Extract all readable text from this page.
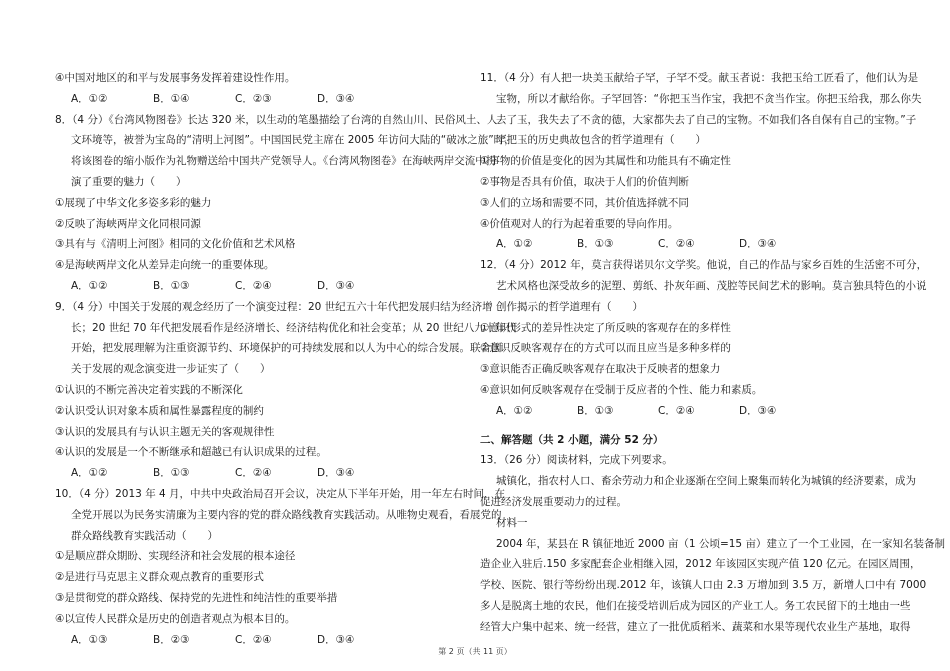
④中国对地区的和平与发展事务发挥着建设性作用。
A．①②	B．①④	C．②③	D．③④
8．（4 分）《台湾风物图卷》长达 320 米，以生动的笔墨描绘了台湾的自然山川、民俗风土、人
文环境等，被誉为宝岛的“清明上河图”。中国国民党主席在 2005 年访问大陆的“破冰之旅”时，
将该图卷的缩小版作为礼物赠送给中国共产党领导人。《台湾风物图卷》在海峡两岸交流中扮
演了重要的魅力（　　）
①展现了中华文化多姿多彩的魅力
②反映了海峡两岸文化同根同源
③具有与《清明上河图》相同的文化价值和艺术风格
④是海峡两岸文化从差异走向统一的重要体现。
A．①②	B．①③	C．②④	D．③④
9．（4 分）中国关于发展的观念经历了一个演变过程：20 世纪五六十年代把发展归结为经济增
长；20 世纪 70 年代把发展看作是经济增长、经济结构优化和社会变革；从 20 世纪八九十年代
开始，把发展理解为注重资源节约、环境保护的可持续发展和以人为中心的综合发展。联合国
关于发展的观念演变进一步证实了（　　）
①认识的不断完善决定着实践的不断深化
②认识受认识对象本质和属性暴露程度的制约
③认识的发展具有与认识主题无关的客观规律性
④认识的发展是一个不断继承和超越已有认识成果的过程。
A．①②	B．①③	C．②④	D．③④
10．（4 分）2013 年 4 月，中共中央政治局召开会议，决定从下半年开始，用一年左右时间，在
全党开展以为民务实清廉为主要内容的党的群众路线教育实践活动。从唯物史观看，看展党的
群众路线教育实践活动（　　）
①是顺应群众期盼、实现经济和社会发展的根本途径
②是进行马克思主义群众观点教育的重要形式
③是贯彻党的群众路线、保持党的先进性和纯洁性的重要举措
④以宣传人民群众是历史的创造者观点为根本目的。
A．①③	B．②③	C．②④	D．③④
11．（4 分）有人把一块美玉献给子罕，子罕不受。献玉者说：我把玉给工匠看了，他们认为是
宝物，所以才献给你。子罕回答：“你把玉当作宝，我把不贪当作宝。你把玉给我，那么你失
去了玉，我失去了不贪的德，大家都失去了自己的宝物。不如我们各自保有自己的宝物。”子
罕把玉的历史典故包含的哲学道理有（　　）
①事物的价值是变化的因为其属性和功能具有不确定性
②事物是否具有价值，取决于人们的价值判断
③人们的立场和需要不同，其价值选择就不同
④价值观对人的行为起着重要的导向作用。
A．①②	B．①③	C．②④	D．③④
12．（4 分）2012 年，莫言获得诺贝尔文学奖。他说，自己的作品与家乡百姓的生活密不可分，
艺术风格也深受故乡的泥塑、剪纸、扑灰年画、茂腔等民间艺术的影响。莫言独具特色的小说
创作揭示的哲学道理有（　　）
①意识形式的差异性决定了所反映的客观存在的多样性
②意识反映客观存在的方式可以而且应当是多种多样的
③意识能否正确反映客观存在取决于反映者的想象力
④意识如何反映客观存在受制于反应者的个性、能力和素质。
A．①②	B．①③	C．②④	D．③④
二、解答题（共 2 小题，满分 52 分）
13．（26 分）阅读材料，完成下列要求。
城镇化，指农村人口、畜余劳动力和企业逐渐在空间上聚集而转化为城镇的经济要素，成为
促进经济发展重要动力的过程。
材料一
2004 年，某县在 R 镇征地近 2000 亩（1 公顷=15 亩）建立了一个工业园，在一家知名装备制
造企业入驻后.150 多家配套企业相继入园，2012 年该园区实现产值 120 亿元。在园区周围，
学校、医院、银行等纷纷出现.2012 年，该镇人口由 2.3 万增加到 3.5 万，新增人口中有 7000
多人是脱离土地的农民，他们在接受培训后成为园区的产业工人。务工农民留下的土地由一些
经管大户集中起来、统一经营，建立了一批优质稻米、蔬菜和水果等现代农业生产基地，取得
第 2 页（共 11 页）
